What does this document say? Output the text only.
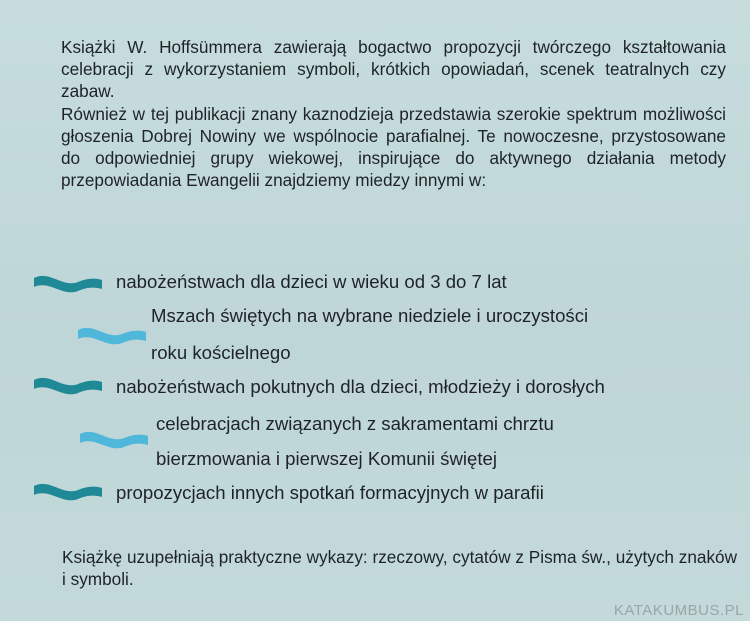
Książki W. Hoffsümmera zawierają bogactwo propozycji twórczego kształtowania celebracji z wykorzystaniem symboli, krótkich opowiadań, scenek teatralnych czy zabaw.

Również w tej publikacji znany kaznodzieja przedstawia szerokie spektrum możliwości głoszenia Dobrej Nowiny we wspólnocie parafialnej. Te nowoczesne, przystosowane do odpowiedniej grupy wiekowej, inspirujące do aktywnego działania metody przepowiadania Ewangelii znajdziemy miedzy innymi w:

nabożeństwach dla dzieci w wieku od 3 do 7 lat
Mszach świętych na wybrane niedziele i uroczystości
roku kościelnego
nabożeństwach pokutnych dla dzieci, młodzieży i dorosłych
celebracjach związanych z sakramentami chrztu
bierzmowania i pierwszej Komunii świętej
propozycjach innych spotkań formacyjnych w parafii

Książkę uzupełniają praktyczne wykazy: rzeczowy, cytatów z Pisma św., użytych znaków i symboli.

KATAKUMBUS.PL
